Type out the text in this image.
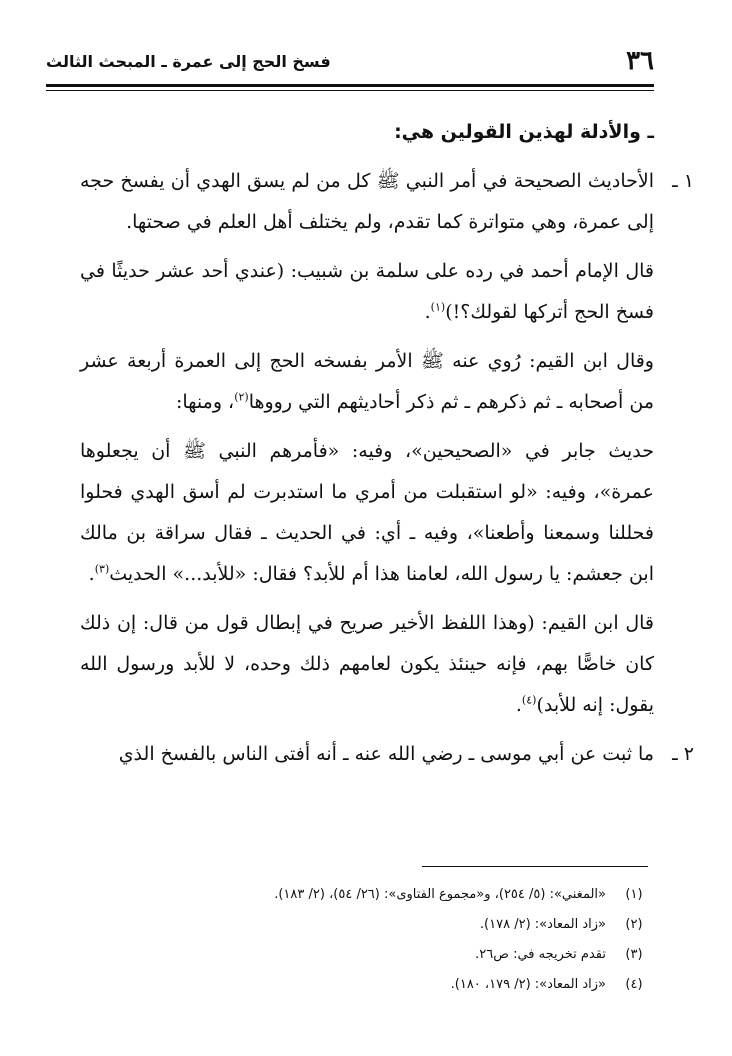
٣٦
فسخ الحج إلى عمرة ـ المبحث الثالث

ـ والأدلة لهذين القولين هي:

١ ـ
الأحاديث الصحيحة في أمر النبي ﷺ كل من لم يسق الهدي أن يفسخ حجه إلى عمرة، وهي متواترة كما تقدم، ولم يختلف أهل العلم في صحتها.

قال الإمام أحمد في رده على سلمة بن شبيب: (عندي أحد عشر حديثًا في فسخ الحج أتركها لقولك؟!)$^{(١)}$.

وقال ابن القيم: رُوي عنه ﷺ الأمر بفسخه الحج إلى العمرة أربعة عشر من أصحابه ـ ثم ذكرهم ـ ثم ذكر أحاديثهم التي رووها$^{(٢)}$، ومنها:

حديث جابر في «الصحيحين»، وفيه: «فأمرهم النبي ﷺ أن يجعلوها عمرة»، وفيه: «لو استقبلت من أمري ما استدبرت لم أسق الهدي فحلوا فحللنا وسمعنا وأطعنا»، وفيه ـ أي: في الحديث ـ فقال سراقة بن مالك ابن جعشم: يا رسول الله، لعامنا هذا أم للأبد؟ فقال: «للأبد...» الحديث$^{(٣)}$.

قال ابن القيم: (وهذا اللفظ الأخير صريح في إبطال قول من قال: إن ذلك كان خاصًّا بهم، فإنه حينئذ يكون لعامهم ذلك وحده، لا للأبد ورسول الله يقول: إنه للأبد)$^{(٤)}$.

٢ ـ
ما ثبت عن أبي موسى ـ رضي الله عنه ـ أنه أفتى الناس بالفسخ الذي

(١)
«المغني»: (٥/ ٢٥٤)، و«مجموع الفتاوى»: (٢٦/ ٥٤)، (٢/ ١٨٣).
(٢)
«زاد المعاد»: (٢/ ١٧٨).
(٣)
تقدم تخريجه في: ص٢٦.
(٤)
«زاد المعاد»: (٢/ ١٧٩، ١٨٠).
